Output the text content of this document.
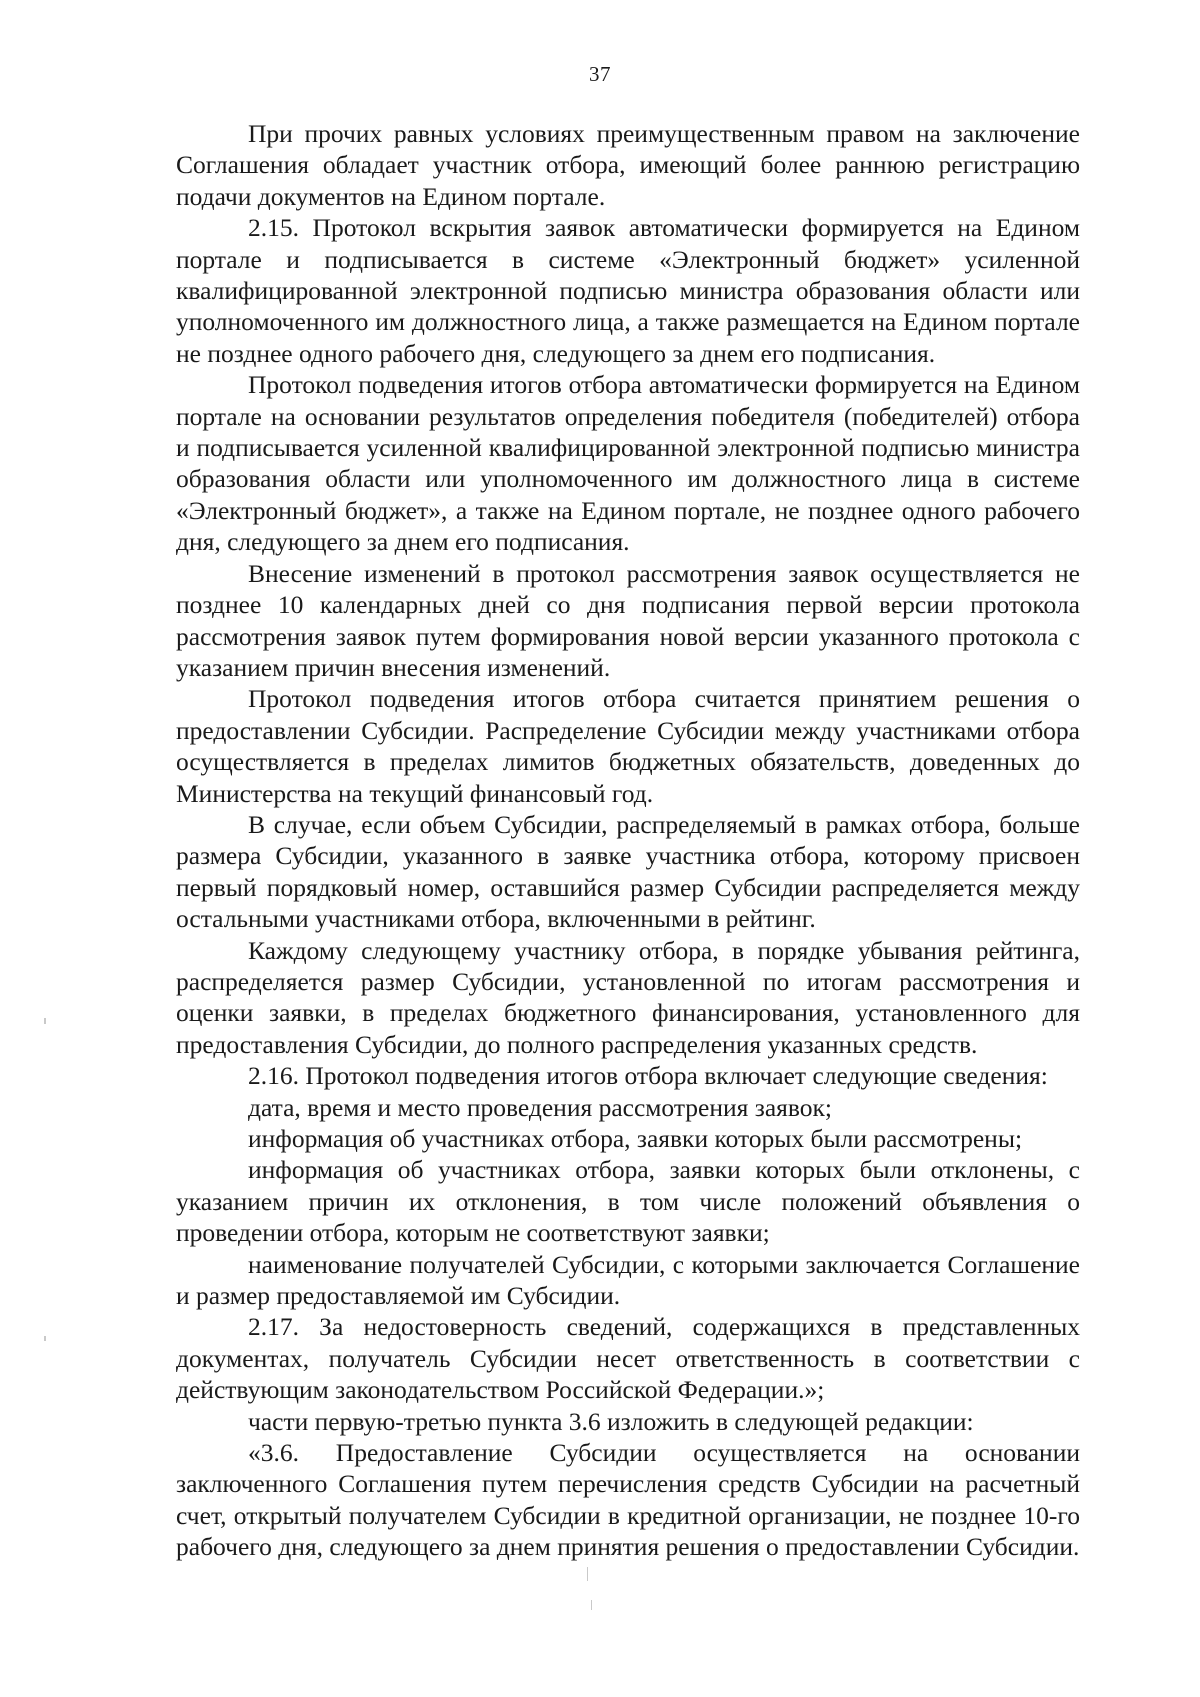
37

При прочих равных условиях преимущественным правом на заключение Соглашения обладает участник отбора, имеющий более раннюю регистрацию подачи документов на Едином портале.

2.15. Протокол вскрытия заявок автоматически формируется на Едином портале и подписывается в системе «Электронный бюджет» усиленной квалифицированной электронной подписью министра образования области или уполномоченного им должностного лица, а также размещается на Едином портале не позднее одного рабочего дня, следующего за днем его подписания.

Протокол подведения итогов отбора автоматически формируется на Едином портале на основании результатов определения победителя (победителей) отбора и подписывается усиленной квалифицированной электронной подписью министра образования области или уполномоченного им должностного лица в системе «Электронный бюджет», а также на Едином портале, не позднее одного рабочего дня, следующего за днем его подписания.

Внесение изменений в протокол рассмотрения заявок осуществляется не позднее 10 календарных дней со дня подписания первой версии протокола рассмотрения заявок путем формирования новой версии указанного протокола с указанием причин внесения изменений.

Протокол подведения итогов отбора считается принятием решения о предоставлении Субсидии. Распределение Субсидии между участниками отбора осуществляется в пределах лимитов бюджетных обязательств, доведенных до Министерства на текущий финансовый год.

В случае, если объем Субсидии, распределяемый в рамках отбора, больше размера Субсидии, указанного в заявке участника отбора, которому присвоен первый порядковый номер, оставшийся размер Субсидии распределяется между остальными участниками отбора, включенными в рейтинг.

Каждому следующему участнику отбора, в порядке убывания рейтинга, распределяется размер Субсидии, установленной по итогам рассмотрения и оценки заявки, в пределах бюджетного финансирования, установленного для предоставления Субсидии, до полного распределения указанных средств.

2.16. Протокол подведения итогов отбора включает следующие сведения:

дата, время и место проведения рассмотрения заявок;

информация об участниках отбора, заявки которых были рассмотрены;

информация об участниках отбора, заявки которых были отклонены, с указанием причин их отклонения, в том числе положений объявления о проведении отбора, которым не соответствуют заявки;

наименование получателей Субсидии, с которыми заключается Соглашение и размер предоставляемой им Субсидии.

2.17. За недостоверность сведений, содержащихся в представленных документах, получатель Субсидии несет ответственность в соответствии с действующим законодательством Российской Федерации.»;

части первую-третью пункта 3.6 изложить в следующей редакции:

«3.6. Предоставление Субсидии осуществляется на основании заключенного Соглашения путем перечисления средств Субсидии на расчетный счет, открытый получателем Субсидии в кредитной организации, не позднее 10-го рабочего дня, следующего за днем принятия решения о предоставлении Субсидии.
